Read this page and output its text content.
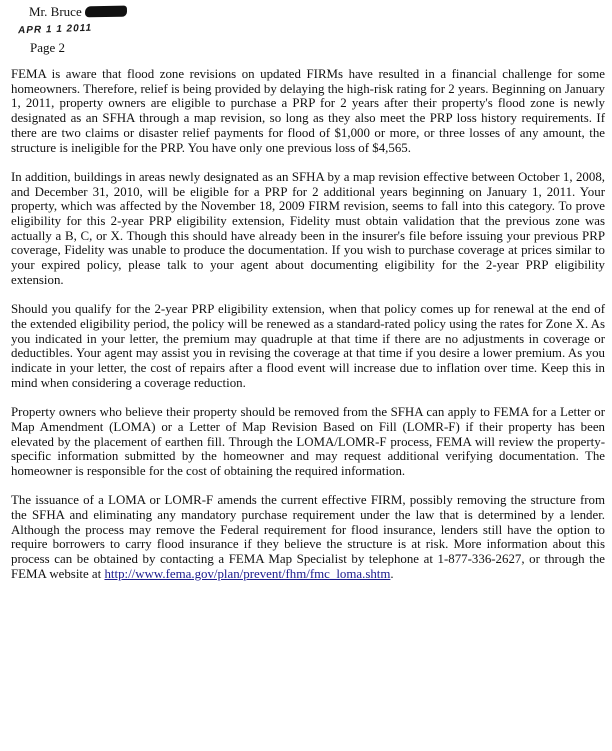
Mr. Bruce
APR 1 1 2011
Page 2

FEMA is aware that flood zone revisions on updated FIRMs have resulted in a financial challenge for some homeowners. Therefore, relief is being provided by delaying the high-risk rating for 2 years. Beginning on January 1, 2011, property owners are eligible to purchase a PRP for 2 years after their property's flood zone is newly designated as an SFHA through a map revision, so long as they also meet the PRP loss history requirements. If there are two claims or disaster relief payments for flood of $1,000 or more, or three losses of any amount, the structure is ineligible for the PRP. You have only one previous loss of $4,565.

In addition, buildings in areas newly designated as an SFHA by a map revision effective between October 1, 2008, and December 31, 2010, will be eligible for a PRP for 2 additional years beginning on January 1, 2011. Your property, which was affected by the November 18, 2009 FIRM revision, seems to fall into this category. To prove eligibility for this 2-year PRP eligibility extension, Fidelity must obtain validation that the previous zone was actually a B, C, or X. Though this should have already been in the insurer's file before issuing your previous PRP coverage, Fidelity was unable to produce the documentation. If you wish to purchase coverage at prices similar to your expired policy, please talk to your agent about documenting eligibility for the 2-year PRP eligibility extension.

Should you qualify for the 2-year PRP eligibility extension, when that policy comes up for renewal at the end of the extended eligibility period, the policy will be renewed as a standard-rated policy using the rates for Zone X. As you indicated in your letter, the premium may quadruple at that time if there are no adjustments in coverage or deductibles. Your agent may assist you in revising the coverage at that time if you desire a lower premium. As you indicate in your letter, the cost of repairs after a flood event will increase due to inflation over time. Keep this in mind when considering a coverage reduction.

Property owners who believe their property should be removed from the SFHA can apply to FEMA for a Letter or Map Amendment (LOMA) or a Letter of Map Revision Based on Fill (LOMR-F) if their property has been elevated by the placement of earthen fill. Through the LOMA/LOMR-F process, FEMA will review the property-specific information submitted by the homeowner and may request additional verifying documentation. The homeowner is responsible for the cost of obtaining the required information.

The issuance of a LOMA or LOMR-F amends the current effective FIRM, possibly removing the structure from the SFHA and eliminating any mandatory purchase requirement under the law that is determined by a lender. Although the process may remove the Federal requirement for flood insurance, lenders still have the option to require borrowers to carry flood insurance if they believe the structure is at risk. More information about this process can be obtained by contacting a FEMA Map Specialist by telephone at 1-877-336-2627, or through the FEMA website at http://www.fema.gov/plan/prevent/fhm/fmc_loma.shtm.
